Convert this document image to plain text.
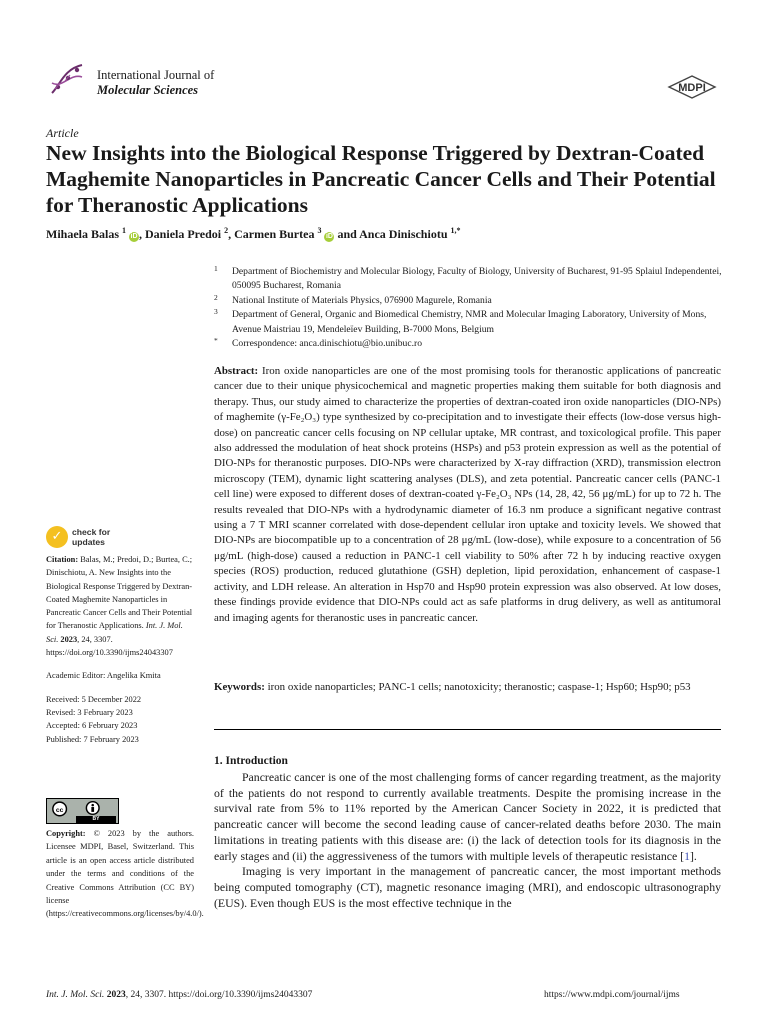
International Journal of
Molecular Sciences	MDPI
Article
New Insights into the Biological Response Triggered by Dextran-Coated Maghemite Nanoparticles in Pancreatic Cancer Cells and Their Potential for Theranostic Applications
Mihaela Balas $^1$ iD , Daniela Predoi $^2$, Carmen Burtea $^3$ iD and Anca Dinischiotu $^{1,*}$
1 Department of Biochemistry and Molecular Biology, Faculty of Biology, University of Bucharest, 91-95 Splaiul Independentei, 050095 Bucharest, Romania
2 National Institute of Materials Physics, 076900 Magurele, Romania
3 Department of General, Organic and Biomedical Chemistry, NMR and Molecular Imaging Laboratory, University of Mons, Avenue Maistriau 19, Mendeleïev Building, B-7000 Mons, Belgium
* Correspondence: anca.dinischiotu@bio.unibuc.ro
Abstract: Iron oxide nanoparticles are one of the most promising tools for theranostic applications of pancreatic cancer due to their unique physicochemical and magnetic properties making them suitable for both diagnosis and therapy. Thus, our study aimed to characterize the properties of dextran-coated iron oxide nanoparticles (DIO-NPs) of maghemite (γ-Fe₂O₃) type synthesized by co-precipitation and to investigate their effects (low-dose versus high-dose) on pancreatic cancer cells focusing on NP cellular uptake, MR contrast, and toxicological profile. This paper also addressed the modulation of heat shock proteins (HSPs) and p53 protein expression as well as the potential of DIO-NPs for theranostic purposes. DIO-NPs were characterized by X-ray diffraction (XRD), transmission electron microscopy (TEM), dynamic light scattering analyses (DLS), and zeta potential. Pancreatic cancer cells (PANC-1 cell line) were exposed to different doses of dextran-coated γ-Fe₂O₃ NPs (14, 28, 42, 56 μg/mL) for up to 72 h. The results revealed that DIO-NPs with a hydrodynamic diameter of 16.3 nm produce a significant negative contrast using a 7 T MRI scanner correlated with dose-dependent cellular iron uptake and toxicity levels. We showed that DIO-NPs are biocompatible up to a concentration of 28 μg/mL (low-dose), while exposure to a concentration of 56 μg/mL (high-dose) caused a reduction in PANC-1 cell viability to 50% after 72 h by inducing reactive oxygen species (ROS) production, reduced glutathione (GSH) depletion, lipid peroxidation, enhancement of caspase-1 activity, and LDH release. An alteration in Hsp70 and Hsp90 protein expression was also observed. At low doses, these findings provide evidence that DIO-NPs could act as safe platforms in drug delivery, as well as antitumoral and imaging agents for theranostic uses in pancreatic cancer.
Keywords: iron oxide nanoparticles; PANC-1 cells; nanotoxicity; theranostic; caspase-1; Hsp60; Hsp90; p53
1. Introduction

Pancreatic cancer is one of the most challenging forms of cancer regarding treatment, as the majority of the patients do not respond to currently available treatments. Despite the promising increase in the survival rate from 5% to 11% reported by the American Cancer Society in 2022, it is predicted that pancreatic cancer will become the second leading cause of cancer-related deaths before 2030. The main limitations in treating patients with this disease are: (i) the lack of detection tools for its diagnosis in the early stages and (ii) the aggressiveness of the tumors with multiple levels of therapeutic resistance [1].

Imaging is very important in the management of pancreatic cancer, the most important methods being computed tomography (CT), magnetic resonance imaging (MRI), and endoscopic ultrasonography (EUS). Even though EUS is the most effective technique in the

✓	check for
updates

Citation: Balas, M.; Predoi, D.; Burtea, C.; Dinischiotu, A. New Insights into the Biological Response Triggered by Dextran-Coated Maghemite Nanoparticles in Pancreatic Cancer Cells and Their Potential for Theranostic Applications. Int. J. Mol. Sci. 2023, 24, 3307. https://doi.org/10.3390/ijms24043307

Academic Editor: Angelika Kmita

Received: 5 December 2022

Revised: 3 February 2023

Accepted: 6 February 2023

Published: 7 February 2023

cc
BY
Copyright: © 2023 by the authors. Licensee MDPI, Basel, Switzerland. This article is an open access article distributed under the terms and conditions of the Creative Commons Attribution (CC BY) license (https://creativecommons.org/licenses/by/4.0/).
Int. J. Mol. Sci. 2023, 24, 3307. https://doi.org/10.3390/ijms24043307	https://www.mdpi.com/journal/ijms
